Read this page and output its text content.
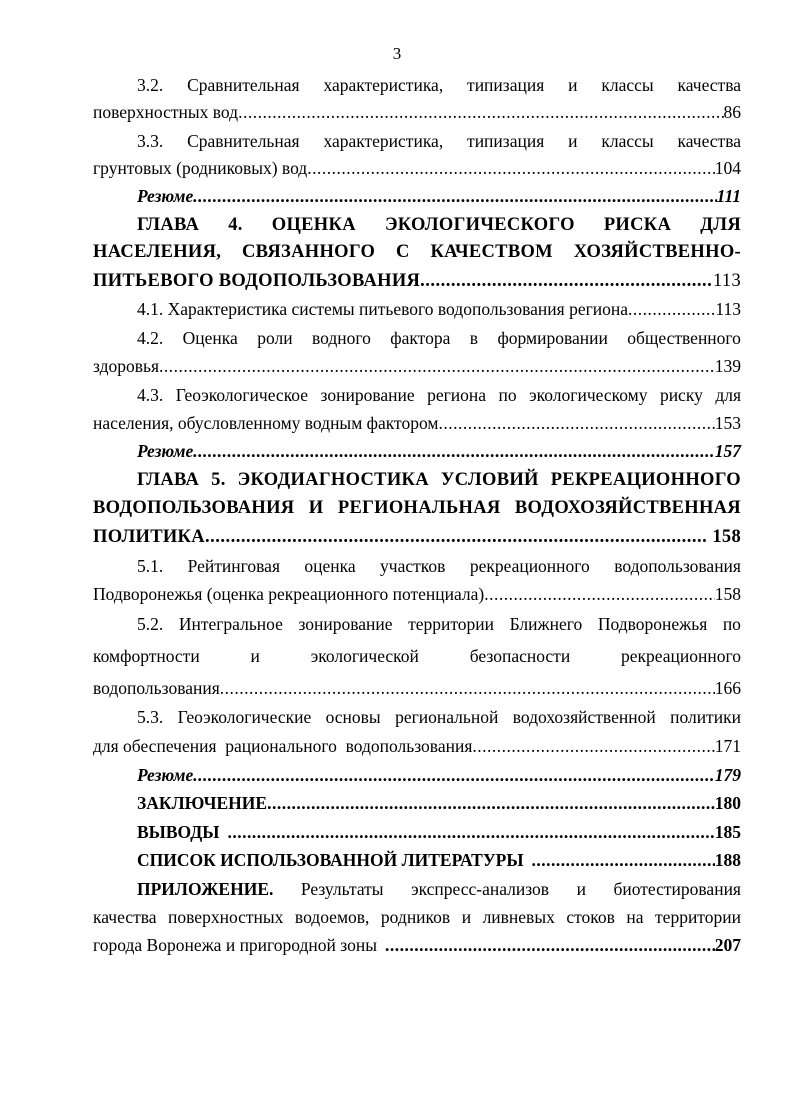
3
3.2. Сравнительная характеристика, типизация и классы качества
поверхностных вод .....	86
3.3. Сравнительная характеристика, типизация и классы качества
грунтовых (родниковых) вод .....	104
Резюме .....	111
ГЛАВА 4. ОЦЕНКА ЭКОЛОГИЧЕСКОГО РИСКА ДЛЯ
НАСЕЛЕНИЯ, СВЯЗАННОГО С КАЧЕСТВОМ ХОЗЯЙСТВЕННО-
ПИТЬЕВОГО ВОДОПОЛЬЗОВАНИЯ .....	113
4.1. Характеристика системы питьевого водопользования региона .....	113
4.2. Оценка роли водного фактора в формировании общественного
здоровья .....	139
4.3. Геоэкологическое зонирование региона по экологическому риску для
населения, обусловленному водным фактором .....	153
Резюме .....	157
ГЛАВА 5. ЭКОДИАГНОСТИКА УСЛОВИЙ РЕКРЕАЦИОННОГО
ВОДОПОЛЬЗОВАНИЯ И РЕГИОНАЛЬНАЯ ВОДОХОЗЯЙСТВЕННАЯ
ПОЛИТИКА .....	158
5.1. Рейтинговая оценка участков рекреационного водопользования
Подворонежья (оценка рекреационного потенциала) .....	158
5.2. Интегральное зонирование территории Ближнего Подворонежья по
комфортности	и	экологической	безопасности	рекреационного
водопользования .....	166
5.3. Геоэкологические основы региональной водохозяйственной политики
для обеспечения  рационального  водопользования .....	171
Резюме .....	179
ЗАКЛЮЧЕНИЕ .....	180
ВЫВОДЫ .....	185
СПИСОК ИСПОЛЬЗОВАННОЙ ЛИТЕРАТУРЫ .....	188
ПРИЛОЖЕНИЕ. Результаты экспресс-анализов и биотестирования
качества поверхностных водоемов, родников и ливневых стоков на территории
города Воронежа и пригородной зоны .....	207
